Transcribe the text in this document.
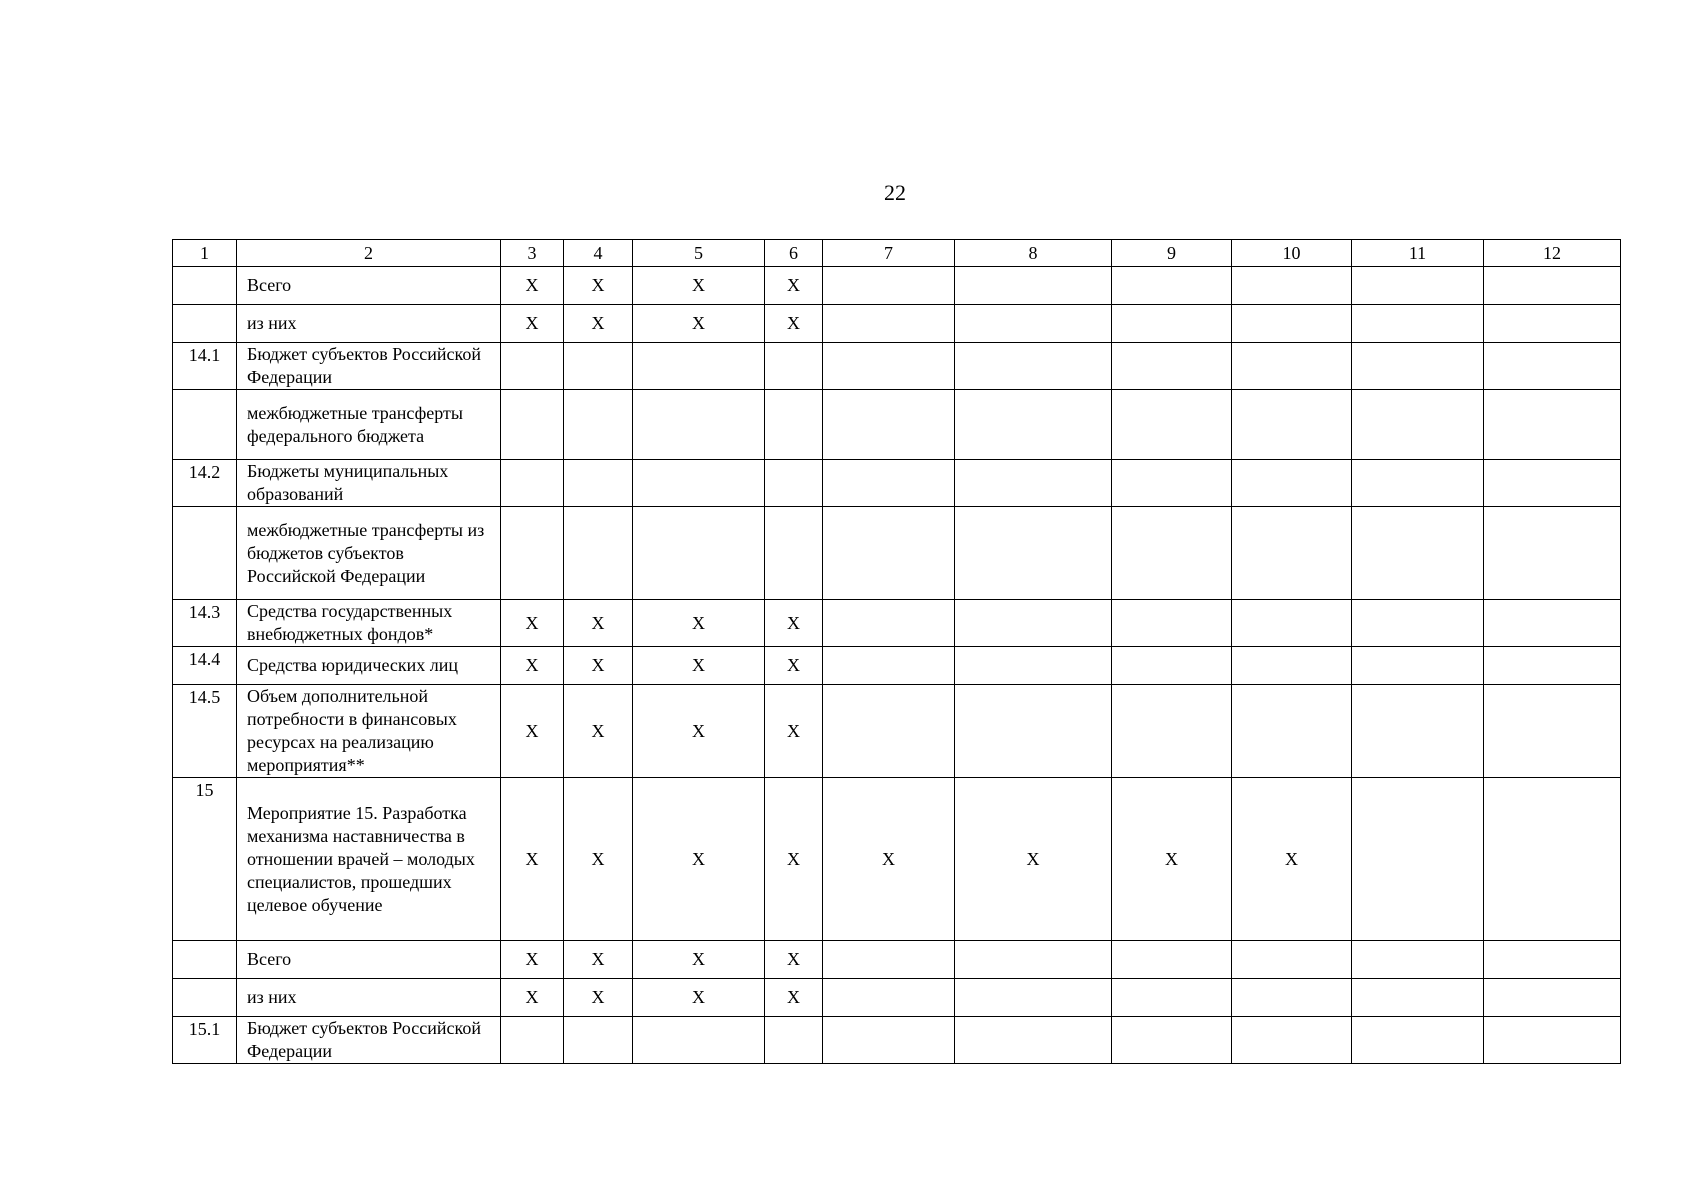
22
1	2	3	4	5	6	7	8	9	10	11	12
	Всего	X	X	X	X						
	из них	X	X	X	X						
14.1	Бюджет субъектов Российской Федерации										
	межбюджетные трансферты федерального бюджета										
14.2	Бюджеты муниципальных образований										
	межбюджетные трансферты из бюджетов субъектов Российской Федерации										
14.3	Средства государственных внебюджетных фондов*	X	X	X	X						
14.4	Средства юридических лиц	X	X	X	X						
14.5	Объем дополнительной потребности в финансовых ресурсах на реализацию мероприятия**	X	X	X	X						
15	Мероприятие 15. Разработка механизма наставничества в отношении врачей – молодых специалистов, прошедших целевое обучение	X	X	X	X	X	X	X	X		
	Всего	X	X	X	X						
	из них	X	X	X	X						
15.1	Бюджет субъектов Российской Федерации										
